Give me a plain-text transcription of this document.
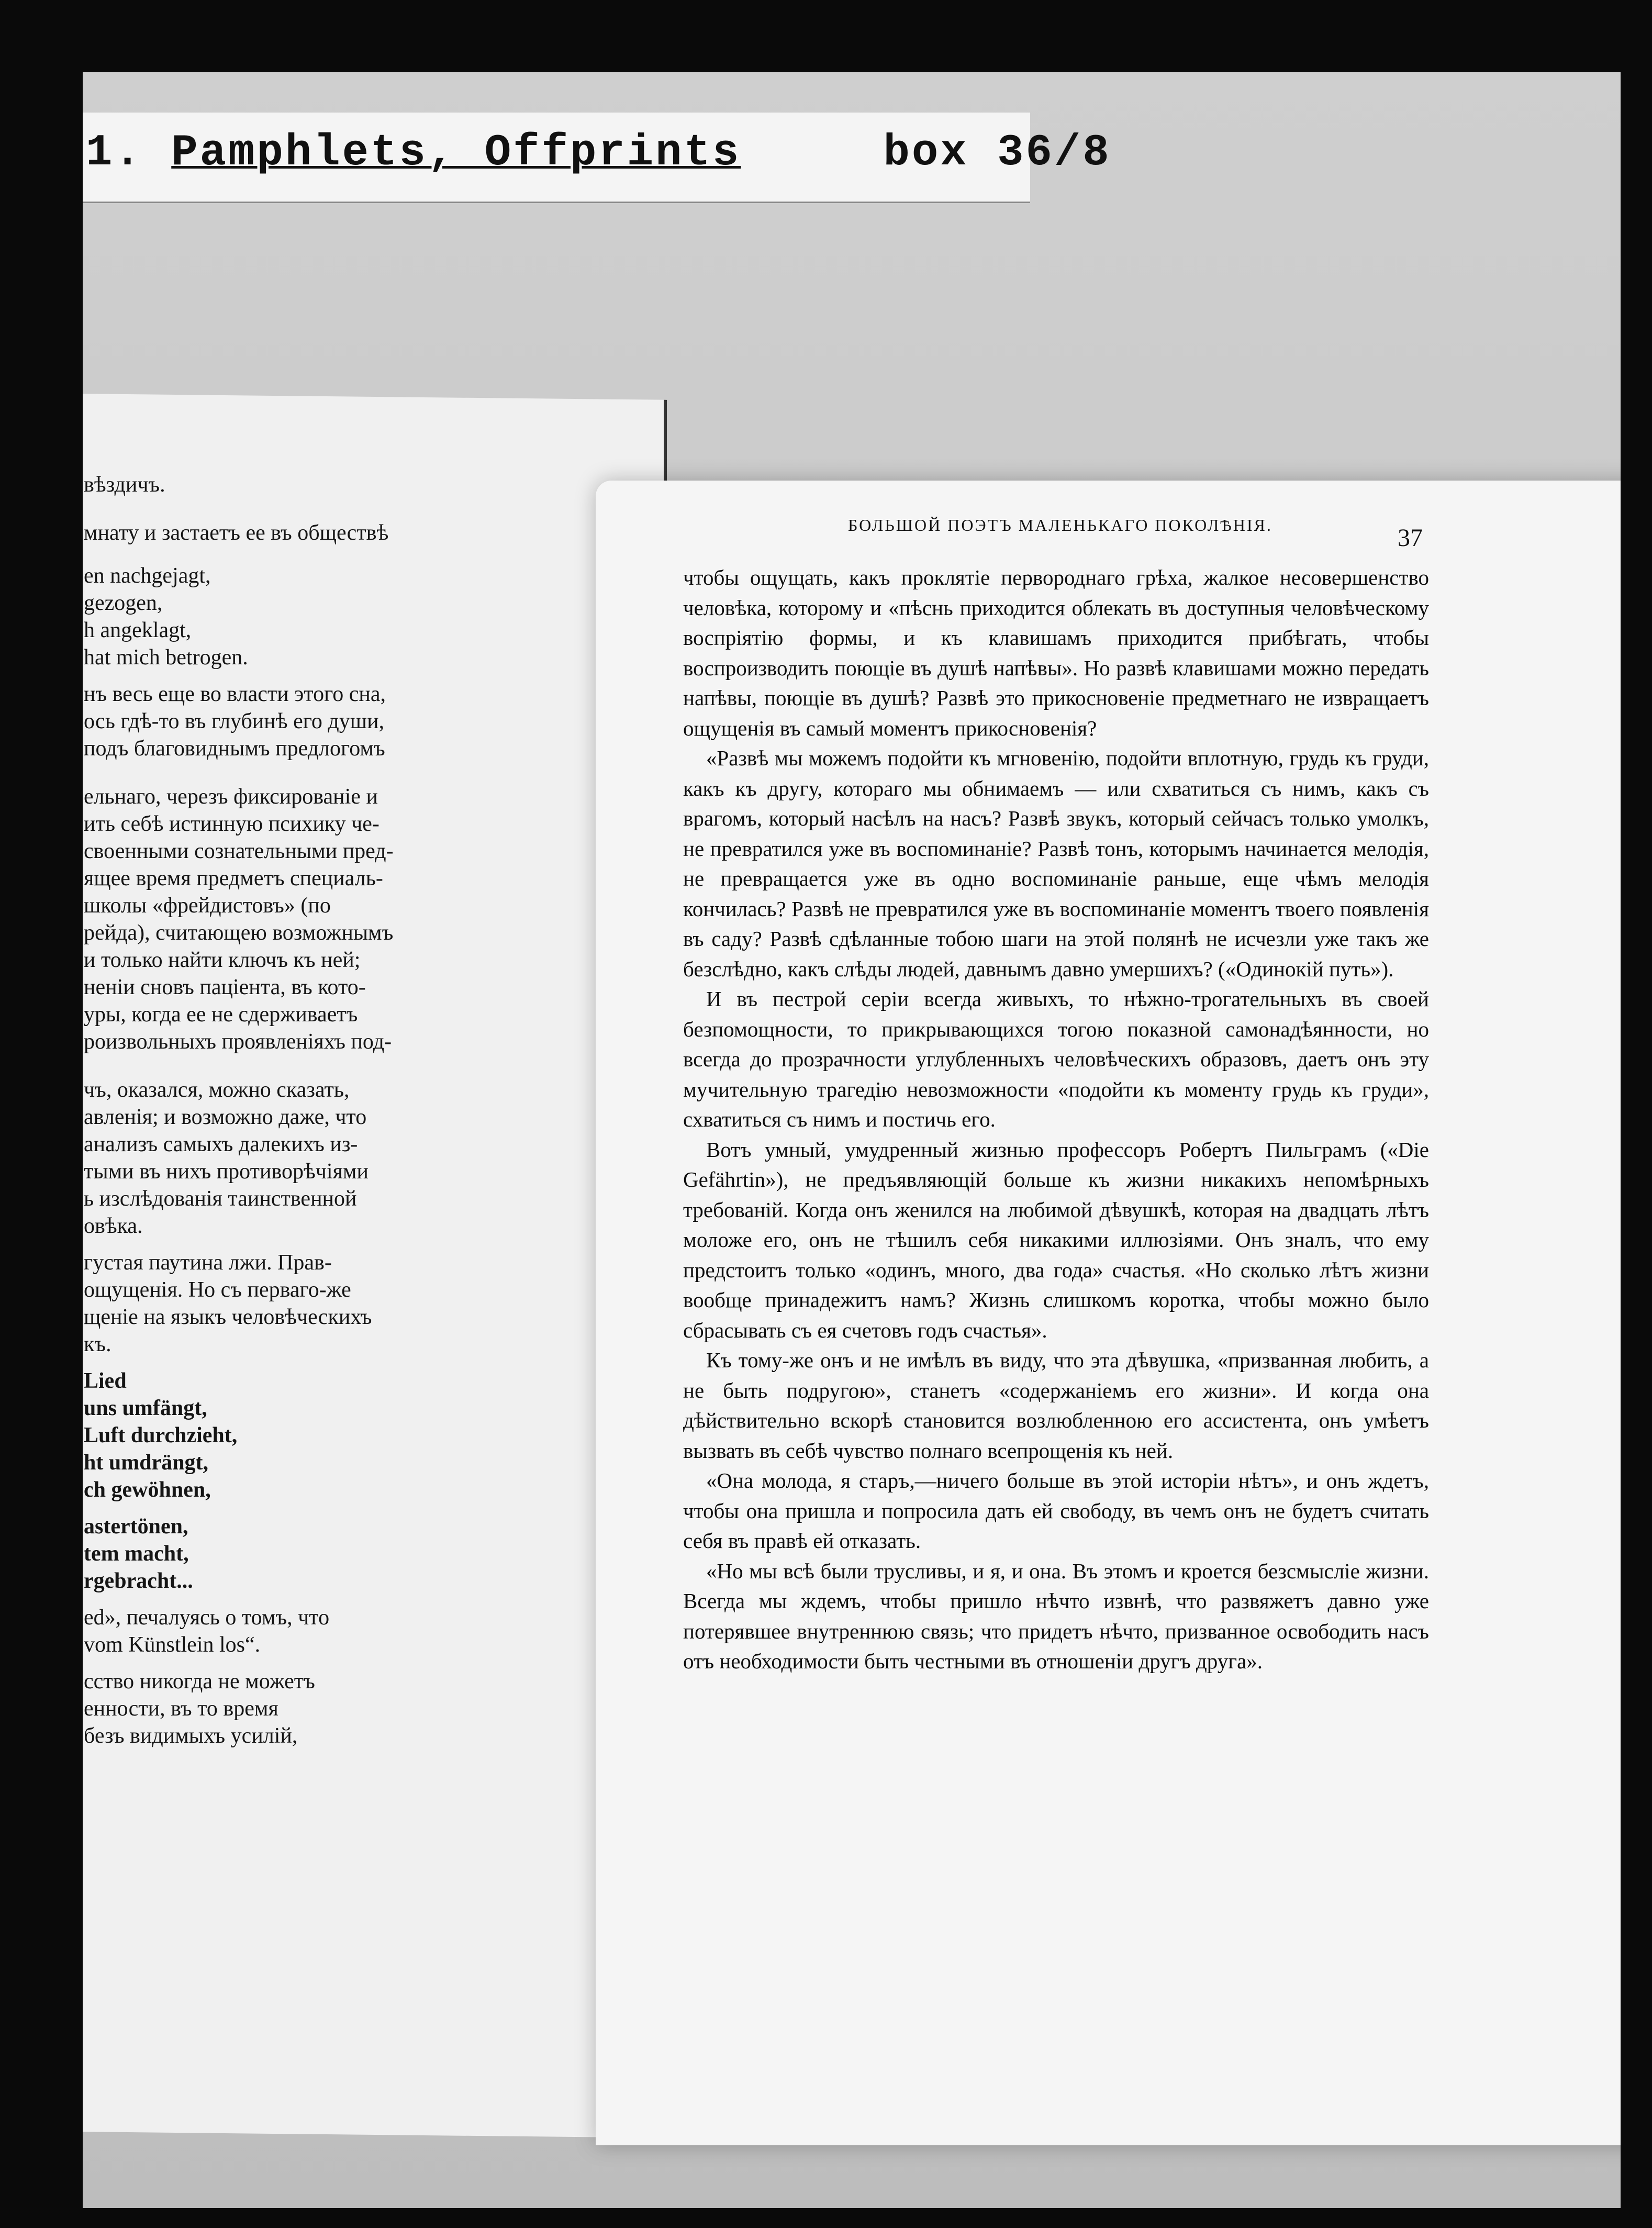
1. Pamphlets, Offprints	box 36/8

вѣздичъ.

мнату и застаетъ ее въ обществѣ

en nachgejagt,
gezogen,
h angeklagt,
hat mich betrogen.

нъ весь еще во власти этого сна,
ось гдѣ-то въ глубинѣ его души,
подъ благовиднымъ предлогомъ

ельнаго, черезъ фиксированіе и
ить себѣ истинную психику че-
своенными сознательными пред-
ящее время предметъ специаль-
школы «фрейдистовъ» (по
рейда), считающею возможнымъ
и только найти ключъ къ ней;
неніи сновъ пацiента, въ кото-
уры, когда ее не сдерживаетъ
роизвольныхъ проявленiяхъ под-

чъ, оказался, можно сказать,
авленія; и возможно даже, что
анализъ самыхъ далекихъ из-
тыми въ нихъ противорѣчiями
ь изслѣдованія таинственной
овѣка.

густая паутина лжи. Прав-
ощущенія. Но съ перваго-же
щеніе на языкъ человѣческихъ
къ.

Lied
uns umfängt,
Luft durchzieht,
ht umdrängt,
ch gewöhnen,

astertönen,
tem macht,
rgebracht...

ed», печалуясь о томъ, что
vom Künstlein los“.

сство никогда не можетъ
енности, въ то время
безъ видимыхъ усилій,

БОЛЬШОЙ ПОЭТЪ МАЛЕНЬКАГО ПОКОЛѢНІЯ.	37

чтобы ощущать, какъ проклятіе первороднаго грѣха, жалкое несовершенство человѣка, которому и «пѣснь приходится облекать въ доступныя человѣческому воспріятію формы, и къ клавишамъ приходится прибѣгать, чтобы воспроизводить поющіе въ душѣ напѣвы». Но развѣ клавишами можно передать напѣвы, поющіе въ душѣ? Развѣ это прикосновеніе предметнаго не извращаетъ ощущенія въ самый моментъ прикосновенія?

«Развѣ мы можемъ подойти къ мгновенію, подойти вплотную, грудь къ груди, какъ къ другу, котораго мы обнимаемъ — или схватиться съ нимъ, какъ съ врагомъ, который насѣлъ на насъ? Развѣ звукъ, который сейчасъ только умолкъ, не превратился уже въ воспоминаніе? Развѣ тонъ, которымъ начинается мелодія, не превращается уже въ одно воспоминаніе раньше, еще чѣмъ мелодія кончилась? Развѣ не превратился уже въ воспоминаніе моментъ твоего появленія въ саду? Развѣ сдѣланные тобою шаги на этой полянѣ не исчезли уже такъ же безслѣдно, какъ слѣды людей, давнымъ давно умершихъ? («Одинокій путь»).

И въ пестрой серіи всегда живыхъ, то нѣжно-трогательныхъ въ своей безпомощности, то прикрывающихся тогою показной самонадѣянности, но всегда до прозрачности углубленныхъ человѣческихъ образовъ, даетъ онъ эту мучительную трагедію невозможности «подойти къ моменту грудь къ груди», схватиться съ нимъ и постичь его.

Вотъ умный, умудренный жизнью профессоръ Робертъ Пильграмъ («Die Gefährtin»), не предъявляющій больше къ жизни никакихъ непомѣрныхъ требованій. Когда онъ женился на любимой дѣвушкѣ, которая на двадцать лѣтъ моложе его, онъ не тѣшилъ себя никакими иллюзіями. Онъ зналъ, что ему предстоитъ только «одинъ, много, два года» счастья. «Но сколько лѣтъ жизни вообще принадежитъ намъ? Жизнь слишкомъ коротка, чтобы можно было сбрасывать съ ея счетовъ годъ счастья».

Къ тому-же онъ и не имѣлъ въ виду, что эта дѣвушка, «призванная любить, а не быть подругою», станетъ «содержаніемъ его жизни». И когда она дѣйствительно вскорѣ становится возлюбленною его ассистента, онъ умѣетъ вызвать въ себѣ чувство полнаго всепрощенія къ ней.

«Она молода, я старъ,—ничего больше въ этой исторіи нѣтъ», и онъ ждетъ, чтобы она пришла и попросила дать ей свободу, въ чемъ онъ не будетъ считать себя въ правѣ ей отказать.

«Но мы всѣ были трусливы, и я, и она. Въ этомъ и кроется безсмыслiе жизни. Всегда мы ждемъ, чтобы пришло нѣчто извнѣ, что развяжетъ давно уже потерявшее внутреннюю связь; что придетъ нѣчто, призванное освободить насъ отъ необходимости быть честными въ отношеніи другъ друга».
